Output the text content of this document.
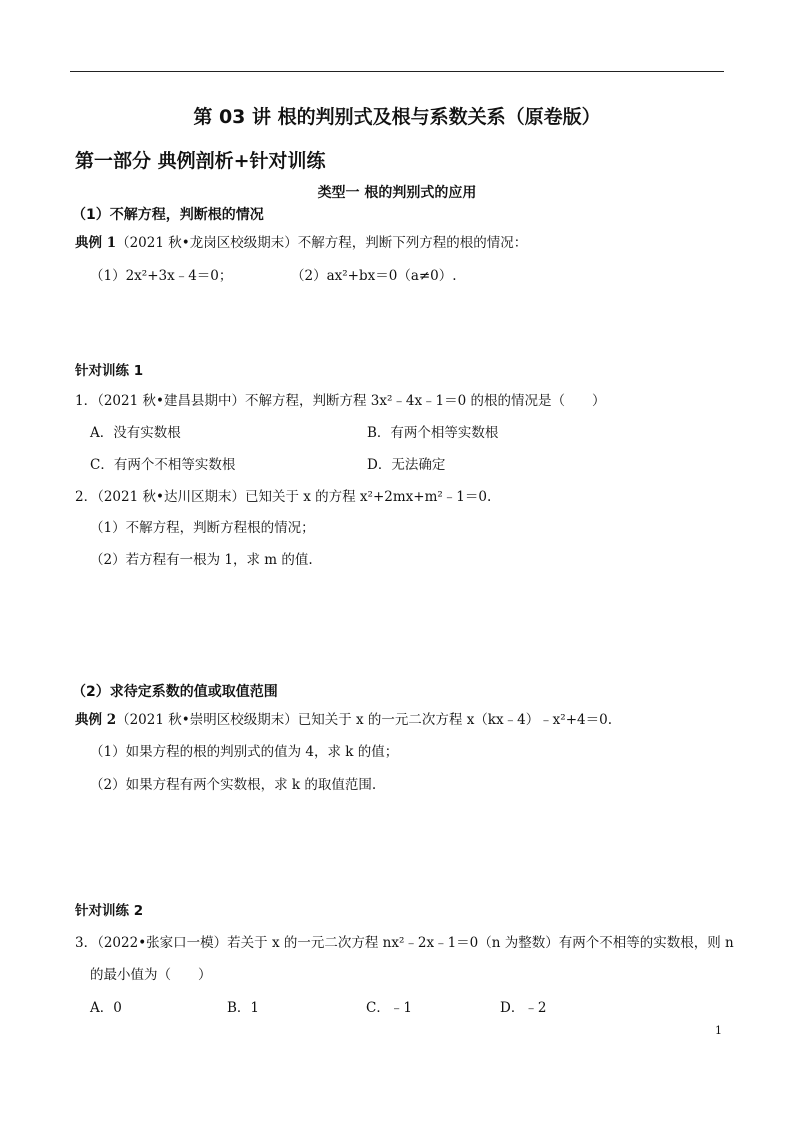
第 03 讲 根的判别式及根与系数关系（原卷版）
第一部分 典例剖析+针对训练
类型一 根的判别式的应用
（1）不解方程，判断根的情况
典例 1（2021 秋•龙岗区校级期末）不解方程，判断下列方程的根的情况：
（1）2x²+3x﹣4＝0；	（2）ax²+bx＝0（a≠0）.
针对训练 1
1．（2021 秋•建昌县期中）不解方程，判断方程 3x²﹣4x﹣1＝0 的根的情况是（　　）
A．没有实数根	B．有两个相等实数根
C．有两个不相等实数根	D．无法确定
2．（2021 秋•达川区期末）已知关于 x 的方程 x²+2mx+m²﹣1＝0.
（1）不解方程，判断方程根的情况；
（2）若方程有一根为 1，求 m 的值.
（2）求待定系数的值或取值范围
典例 2（2021 秋•崇明区校级期末）已知关于 x 的一元二次方程 x（kx﹣4）﹣x²+4＝0.
（1）如果方程的根的判别式的值为 4，求 k 的值；
（2）如果方程有两个实数根，求 k 的取值范围.
针对训练 2
3．（2022•张家口一模）若关于 x 的一元二次方程 nx²﹣2x﹣1＝0（n 为整数）有两个不相等的实数根，则 n
的最小值为（　　）
A．0	B．1	C．﹣1	D．﹣2
1
